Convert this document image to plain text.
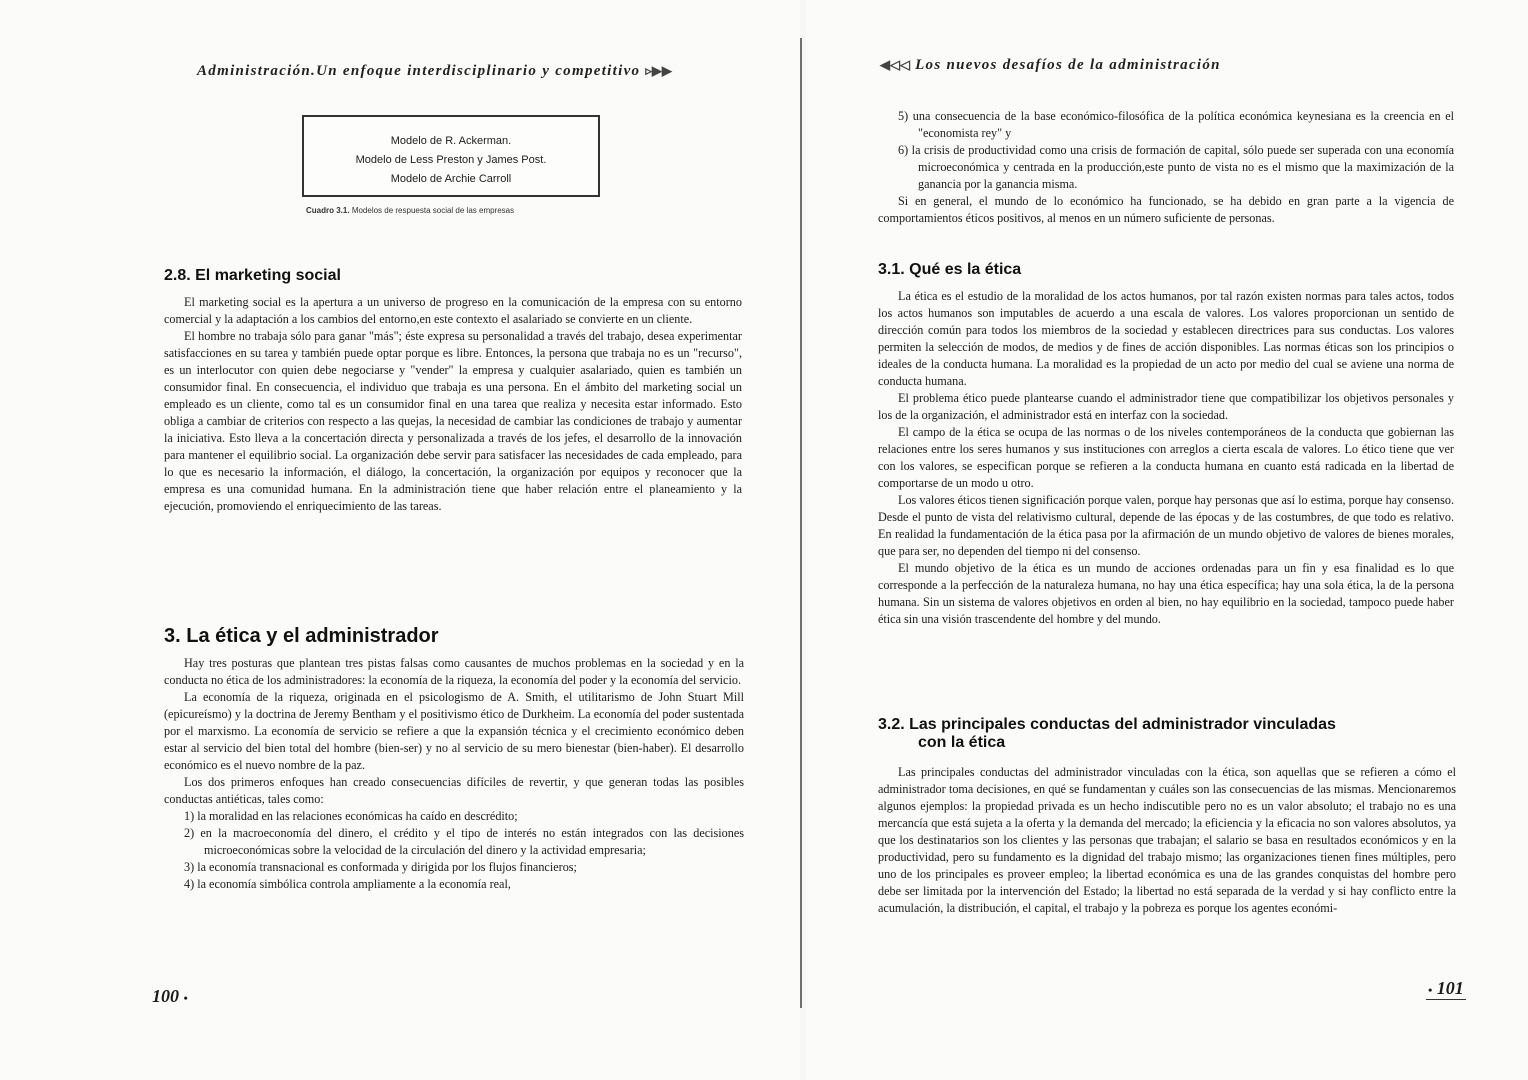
Administración.Un enfoque interdisciplinario y competitivo ▹▶▶
Modelo de R. Ackerman.
Modelo de Less Preston y James Post.
Modelo de Archie Carroll
Cuadro 3.1. Modelos de respuesta social de las empresas
2.8. El marketing social

El marketing social es la apertura a un universo de progreso en la comunicación de la empresa con su entorno comercial y la adaptación a los cambios del entorno,en este contexto el asalariado se convierte en un cliente.

El hombre no trabaja sólo para ganar "más"; éste expresa su personalidad a través del trabajo, desea experimentar satisfacciones en su tarea y también puede optar porque es libre. Entonces, la persona que trabaja no es un "recurso", es un interlocutor con quien debe negociarse y "vender" la empresa y cualquier asalariado, quien es también un consumidor final. En consecuencia, el individuo que trabaja es una persona. En el ámbito del marketing social un empleado es un cliente, como tal es un consumidor final en una tarea que realiza y necesita estar informado. Esto obliga a cambiar de criterios con respecto a las quejas, la necesidad de cambiar las condiciones de trabajo y aumentar la iniciativa. Esto lleva a la concertación directa y personalizada a través de los jefes, el desarrollo de la innovación para mantener el equilibrio social. La organización debe servir para satisfacer las necesidades de cada empleado, para lo que es necesario la información, el diálogo, la concertación, la organización por equipos y reconocer que la empresa es una comunidad humana. En la administración tiene que haber relación entre el planeamiento y la ejecución, promoviendo el enriquecimiento de las tareas.

3. La ética y el administrador

Hay tres posturas que plantean tres pistas falsas como causantes de muchos problemas en la sociedad y en la conducta no ética de los administradores: la economía de la riqueza, la economía del poder y la economía del servicio.

La economía de la riqueza, originada en el psicologismo de A. Smith, el utilitarismo de John Stuart Mill (epicureísmo) y la doctrina de Jeremy Bentham y el positivismo ético de Durkheim. La economía del poder sustentada por el marxismo. La economía de servicio se refiere a que la expansión técnica y el crecimiento económico deben estar al servicio del bien total del hombre (bien-ser) y no al servicio de su mero bienestar (bien-haber). El desarrollo económico es el nuevo nombre de la paz.

Los dos primeros enfoques han creado consecuencias difíciles de revertir, y que generan todas las posibles conductas antiéticas, tales como:

1) la moralidad en las relaciones económicas ha caído en descrédito;
2) en la macroeconomía del dinero, el crédito y el tipo de interés no están integrados con las decisiones microeconómicas sobre la velocidad de la circulación del dinero y la actividad empresaria;
3) la economía transnacional es conformada y dirigida por los flujos financieros;
4) la economía simbólica controla ampliamente a la economía real,
100 •
◀◁◁ Los nuevos desafíos de la administración
5) una consecuencia de la base económico-filosófica de la política económica keynesiana es la creencia en el "economista rey" y
6) la crisis de productividad como una crisis de formación de capital, sólo puede ser superada con una economía microeconómica y centrada en la producción,este punto de vista no es el mismo que la maximización de la ganancia por la ganancia misma.

Si en general, el mundo de lo económico ha funcionado, se ha debido en gran parte a la vigencia de comportamientos éticos positivos, al menos en un número suficiente de personas.

3.1. Qué es la ética

La ética es el estudio de la moralidad de los actos humanos, por tal razón existen normas para tales actos, todos los actos humanos son imputables de acuerdo a una escala de valores. Los valores proporcionan un sentido de dirección común para todos los miembros de la sociedad y establecen directrices para sus conductas. Los valores permiten la selección de modos, de medios y de fines de acción disponibles. Las normas éticas son los principios o ideales de la conducta humana. La moralidad es la propiedad de un acto por medio del cual se aviene una norma de conducta humana.

El problema ético puede plantearse cuando el administrador tiene que compatibilizar los objetivos personales y los de la organización, el administrador está en interfaz con la sociedad.

El campo de la ética se ocupa de las normas o de los niveles contemporáneos de la conducta que gobiernan las relaciones entre los seres humanos y sus instituciones con arreglos a cierta escala de valores. Lo ético tiene que ver con los valores, se especifican porque se refieren a la conducta humana en cuanto está radicada en la libertad de comportarse de un modo u otro.

Los valores éticos tienen significación porque valen, porque hay personas que así lo estima, porque hay consenso. Desde el punto de vista del relativismo cultural, depende de las épocas y de las costumbres, de que todo es relativo. En realidad la fundamentación de la ética pasa por la afirmación de un mundo objetivo de valores de bienes morales, que para ser, no dependen del tiempo ni del consenso.

El mundo objetivo de la ética es un mundo de acciones ordenadas para un fin y esa finalidad es lo que corresponde a la perfección de la naturaleza humana, no hay una ética específica; hay una sola ética, la de la persona humana. Sin un sistema de valores objetivos en orden al bien, no hay equilibrio en la sociedad, tampoco puede haber ética sin una visión trascendente del hombre y del mundo.

3.2. Las principales conductas del administrador vinculadas
con la ética

Las principales conductas del administrador vinculadas con la ética, son aquellas que se refieren a cómo el administrador toma decisiones, en qué se fundamentan y cuáles son las consecuencias de las mismas. Mencionaremos algunos ejemplos: la propiedad privada es un hecho indiscutible pero no es un valor absoluto; el trabajo no es una mercancía que está sujeta a la oferta y la demanda del mercado; la eficiencia y la eficacia no son valores absolutos, ya que los destinatarios son los clientes y las personas que trabajan; el salario se basa en resultados económicos y en la productividad, pero su fundamento es la dignidad del trabajo mismo; las organizaciones tienen fines múltiples, pero uno de los principales es proveer empleo; la libertad económica es una de las grandes conquistas del hombre pero debe ser limitada por la intervención del Estado; la libertad no está separada de la verdad y si hay conflicto entre la acumulación, la distribución, el capital, el trabajo y la pobreza es porque los agentes económi-

• 101
